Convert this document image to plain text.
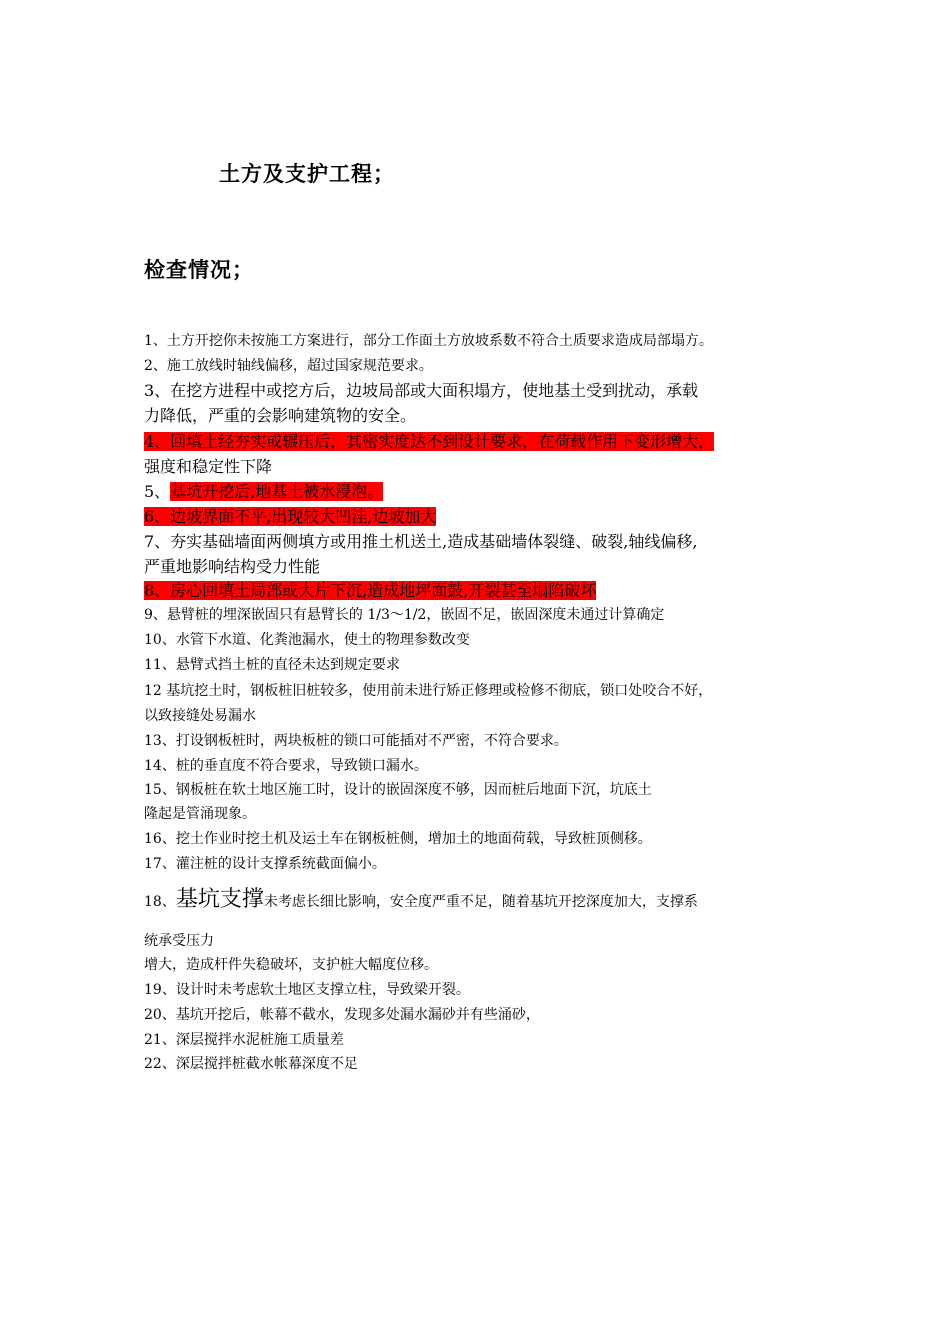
土方及支护工程；
检查情况；
1、土方开挖你未按施工方案进行，部分工作面土方放坡系数不符合土质要求造成局部塌方。
2、施工放线时轴线偏移，超过国家规范要求。
3、在挖方进程中或挖方后，边坡局部或大面积塌方，使地基土受到扰动，承载
力降低，严重的会影响建筑物的安全。
4、回填土经夯实或辗压后，其密实度达不到设计要求，在荷载作用下变形增大，
强度和稳定性下降
5、基坑开挖后,地基土被水浸泡。
6、边坡界面不平,出现较大凹洼,边坡加大
7、夯实基础墙面两侧填方或用推土机送土,造成基础墙体裂缝、破裂,轴线偏移,
严重地影响结构受力性能
8、房心回填土局部或大片下沉,造成地坪面鼓,开裂甚至塌陷破坏
9、悬臂桩的埋深嵌固只有悬臂长的 1/3～1/2，嵌固不足，嵌固深度未通过计算确定
10、水管下水道、化粪池漏水，使土的物理参数改变
11、悬臂式挡土桩的直径未达到规定要求
12 基坑挖土时，钢板桩旧桩较多，使用前未进行矫正修理或检修不彻底，锁口处咬合不好，
以致接缝处易漏水
13、打设钢板桩时，两块板桩的锁口可能插对不严密，不符合要求。
14、桩的垂直度不符合要求，导致锁口漏水。
15、钢板桩在软土地区施工时，设计的嵌固深度不够，因而桩后地面下沉，坑底土
隆起是管涌现象。
16、挖土作业时挖土机及运土车在钢板桩侧，增加土的地面荷载，导致桩顶侧移。
17、灌注桩的设计支撑系统截面偏小。
18、基坑支撑未考虑长细比影响，安全度严重不足，随着基坑开挖深度加大，支撑系
统承受压力
增大，造成杆件失稳破坏，支护桩大幅度位移。
19、设计时未考虑软土地区支撑立柱，导致梁开裂。
20、基坑开挖后，帐幕不截水，发现多处漏水漏砂并有些涌砂，
21、深层搅拌水泥桩施工质量差
22、深层搅拌桩截水帐幕深度不足
